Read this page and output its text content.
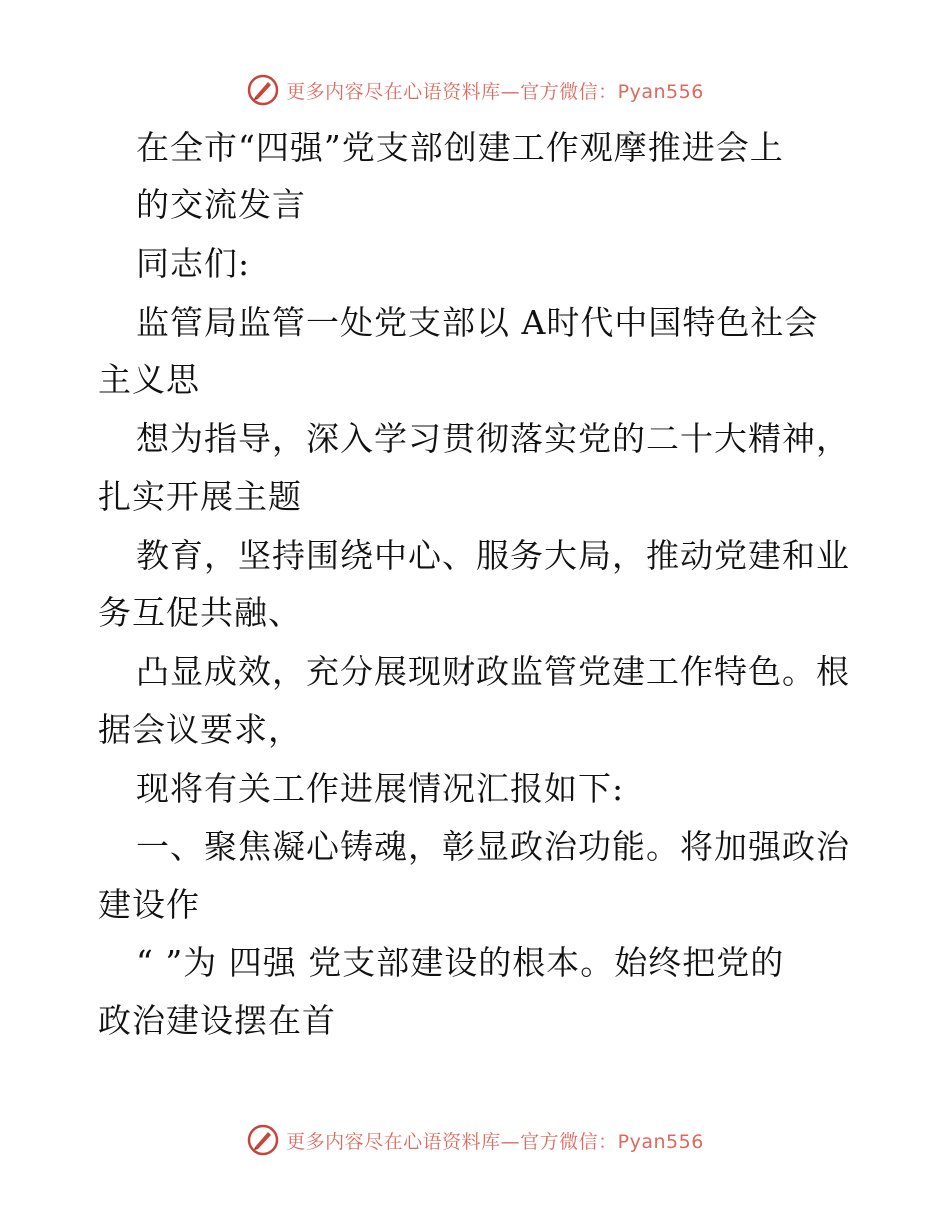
更多内容尽在心语资料库—官方微信：Pyan556
在全市“四强”党支部创建工作观摩推进会上
的交流发言
同志们:
监管局监管一处党支部以 A时代中国特色社会
主义思
想为指导，深入学习贯彻落实党的二十大精神，
扎实开展主题
教育，坚持围绕中心、服务大局，推动党建和业
务互促共融、
凸显成效，充分展现财政监管党建工作特色。根
据会议要求，
现将有关工作进展情况汇报如下:
一、聚焦凝心铸魂，彰显政治功能。将加强政治
建设作
“ ”为 四强 党支部建设的根本。始终把党的
政治建设摆在首
更多内容尽在心语资料库—官方微信：Pyan556
